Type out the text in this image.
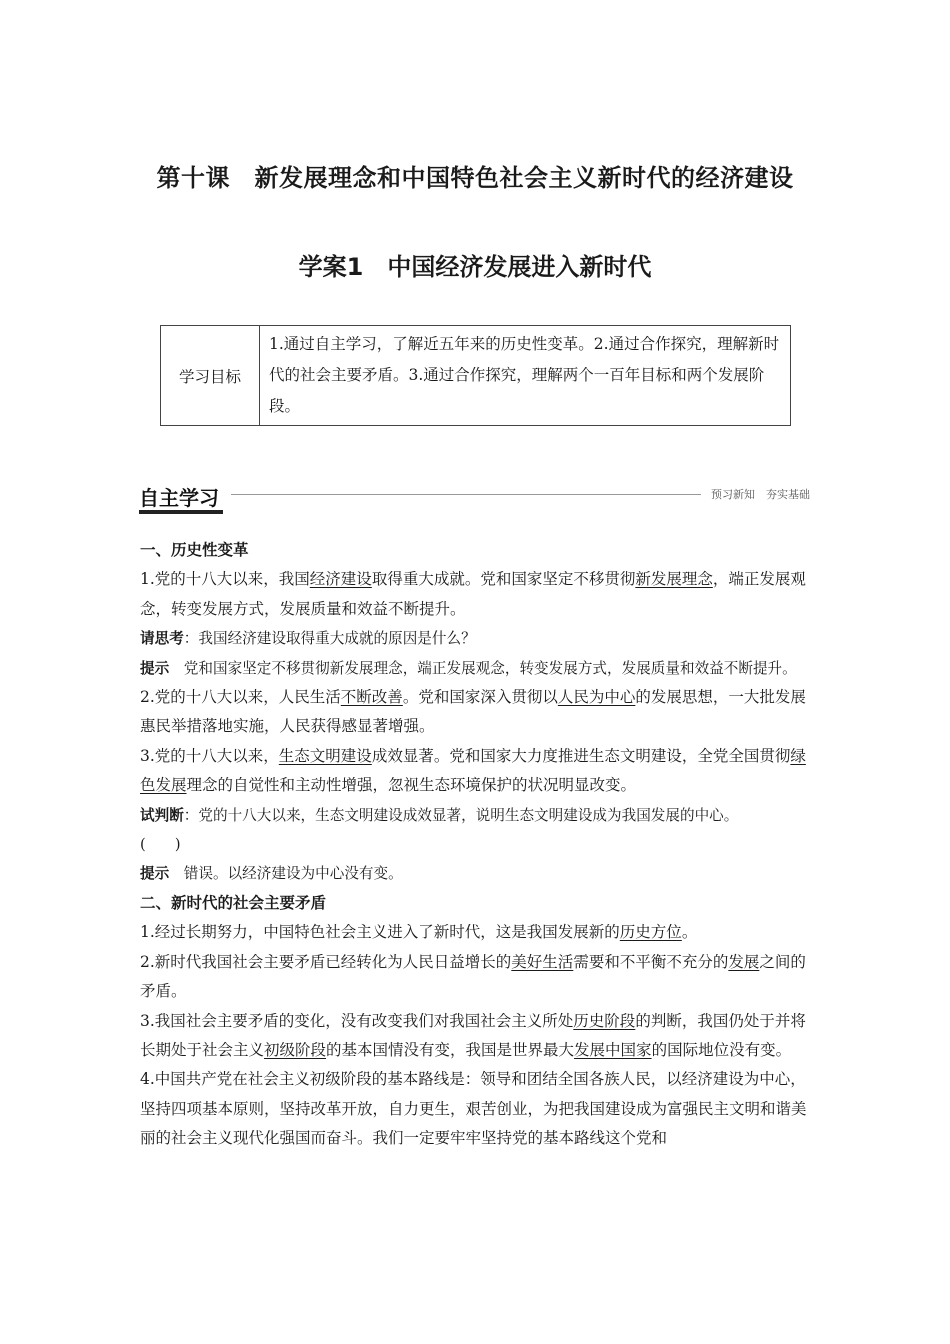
第十课　新发展理念和中国特色社会主义新时代的经济建设
学案1　中国经济发展进入新时代
学习目标	1.通过自主学习，了解近五年来的历史性变革。2.通过合作探究，理解新时代的社会主要矛盾。3.通过合作探究，理解两个一百年目标和两个发展阶段。
自主学习	预习新知　夯实基础

一、历史性变革

1.党的十八大以来，我国经济建设取得重大成就。党和国家坚定不移贯彻新发展理念，端正发展观念，转变发展方式，发展质量和效益不断提升。

请思考：我国经济建设取得重大成就的原因是什么？

提示　党和国家坚定不移贯彻新发展理念，端正发展观念，转变发展方式，发展质量和效益不断提升。

2.党的十八大以来，人民生活不断改善。党和国家深入贯彻以人民为中心的发展思想，一大批发展惠民举措落地实施，人民获得感显著增强。

3.党的十八大以来，生态文明建设成效显著。党和国家大力度推进生态文明建设，全党全国贯彻绿色发展理念的自觉性和主动性增强，忽视生态环境保护的状况明显改变。

试判断：党的十八大以来，生态文明建设成效显著，说明生态文明建设成为我国发展的中心。

(　　)

提示　错误。以经济建设为中心没有变。

二、新时代的社会主要矛盾

1.经过长期努力，中国特色社会主义进入了新时代，这是我国发展新的历史方位。

2.新时代我国社会主要矛盾已经转化为人民日益增长的美好生活需要和不平衡不充分的发展之间的矛盾。

3.我国社会主要矛盾的变化，没有改变我们对我国社会主义所处历史阶段的判断，我国仍处于并将长期处于社会主义初级阶段的基本国情没有变，我国是世界最大发展中国家的国际地位没有变。

4.中国共产党在社会主义初级阶段的基本路线是：领导和团结全国各族人民，以经济建设为中心，坚持四项基本原则，坚持改革开放，自力更生，艰苦创业，为把我国建设成为富强民主文明和谐美丽的社会主义现代化强国而奋斗。我们一定要牢牢坚持党的基本路线这个党和
